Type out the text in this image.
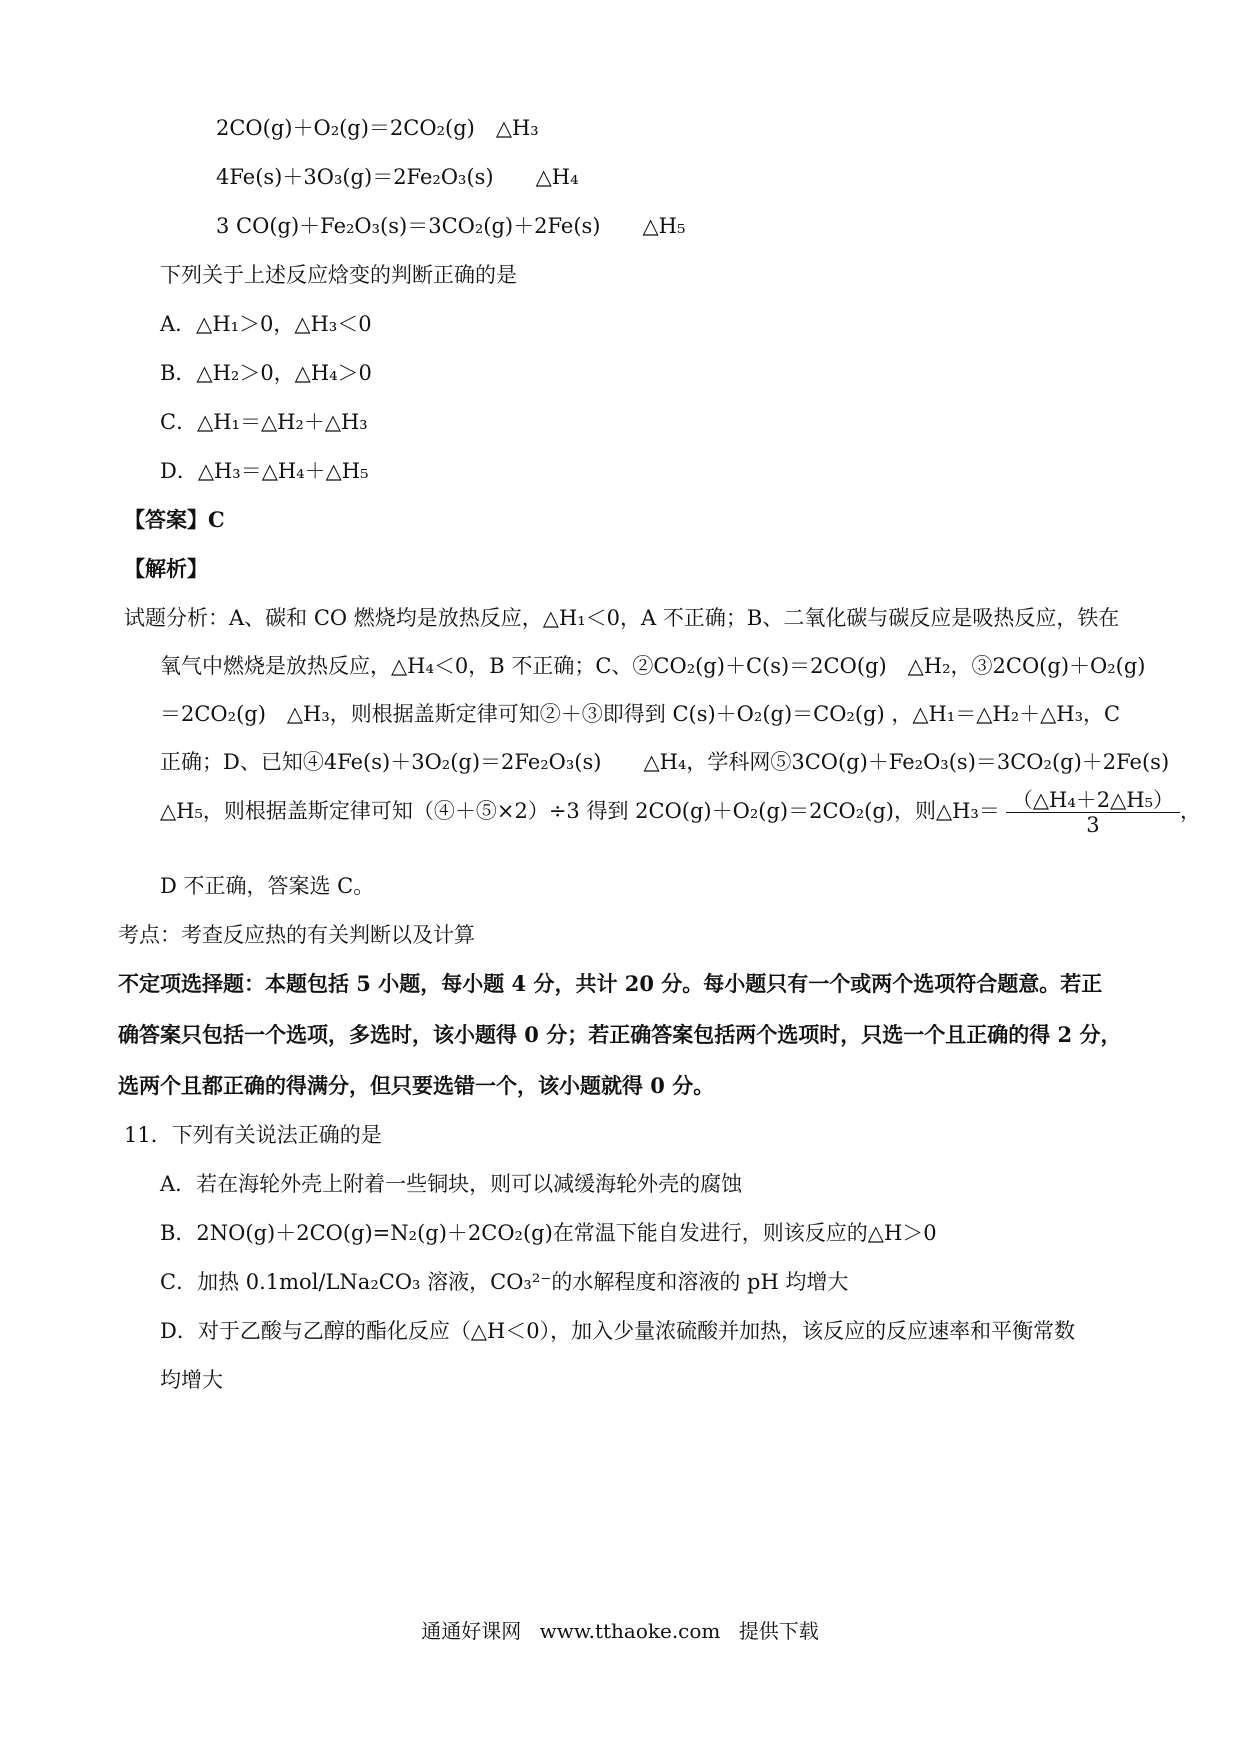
2CO(g)＋O₂(g)＝2CO₂(g)　△H₃
4Fe(s)＋3O₃(g)＝2Fe₂O₃(s)　　△H₄
3 CO(g)＋Fe₂O₃(s)＝3CO₂(g)＋2Fe(s)　　△H₅
下列关于上述反应焓变的判断正确的是
A．△H₁＞0，△H₃＜0
B．△H₂＞0，△H₄＞0
C．△H₁＝△H₂＋△H₃
D．△H₃＝△H₄＋△H₅
【答案】C
【解析】
试题分析：A、碳和 CO 燃烧均是放热反应，△H₁＜0，A 不正确；B、二氧化碳与碳反应是吸热反应，铁在
氧气中燃烧是放热反应，△H₄＜0，B 不正确；C、②CO₂(g)＋C(s)＝2CO(g)　△H₂，③2CO(g)＋O₂(g)
＝2CO₂(g)　△H₃，则根据盖斯定律可知②＋③即得到 C(s)＋O₂(g)＝CO₂(g) ，△H₁＝△H₂＋△H₃，C
正确；D、已知④4Fe(s)＋3O₂(g)＝2Fe₂O₃(s)　　△H₄，学科网⑤3CO(g)＋Fe₂O₃(s)＝3CO₂(g)＋2Fe(s)
△H₅，则根据盖斯定律可知（④＋⑤×2）÷3 得到 2CO(g)＋O₂(g)＝2CO₂(g)，则△H₃＝ $\frac{\text{（△H₄＋2△H₅）}}{3}$ ，
D 不正确，答案选 C。
考点：考查反应热的有关判断以及计算
不定项选择题：本题包括 5 小题，每小题 4 分，共计 20 分。每小题只有一个或两个选项符合题意。若正
确答案只包括一个选项，多选时，该小题得 0 分；若正确答案包括两个选项时，只选一个且正确的得 2 分，
选两个且都正确的得满分，但只要选错一个，该小题就得 0 分。
11．下列有关说法正确的是
A．若在海轮外壳上附着一些铜块，则可以减缓海轮外壳的腐蚀
B．2NO(g)＋2CO(g)=N₂(g)＋2CO₂(g)在常温下能自发进行，则该反应的△H＞0
C．加热 0.1mol/LNa₂CO₃ 溶液，CO₃²⁻的水解程度和溶液的 pH 均增大
D．对于乙酸与乙醇的酯化反应（△H＜0），加入少量浓硫酸并加热，该反应的反应速率和平衡常数
均增大
通通好课网 www.tthaoke.com 提供下载
